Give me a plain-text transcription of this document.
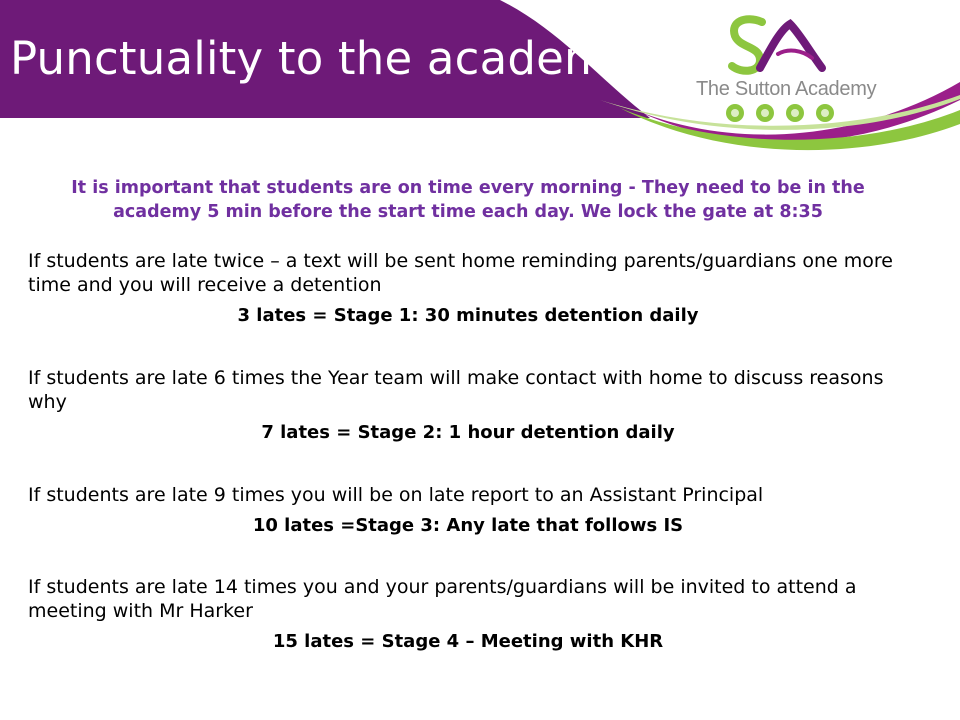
Punctuality to the academy
The Sutton Academy

It is important that students are on time every morning - They need to be in the academy 5 min before the start time each day. We lock the gate at 8:35

If students are late twice – a text will be sent home reminding parents/guardians one more time and you will receive a detention

3 lates = Stage 1: 30 minutes detention daily

If students are late 6 times the Year team will make contact with home to discuss reasons why

7 lates = Stage 2: 1 hour detention daily

If students are late 9 times you will be on late report to an Assistant Principal

10 lates =Stage 3: Any late that follows IS

If students are late 14 times you and your parents/guardians will be invited to attend a meeting with Mr Harker

15 lates = Stage 4 – Meeting with KHR
